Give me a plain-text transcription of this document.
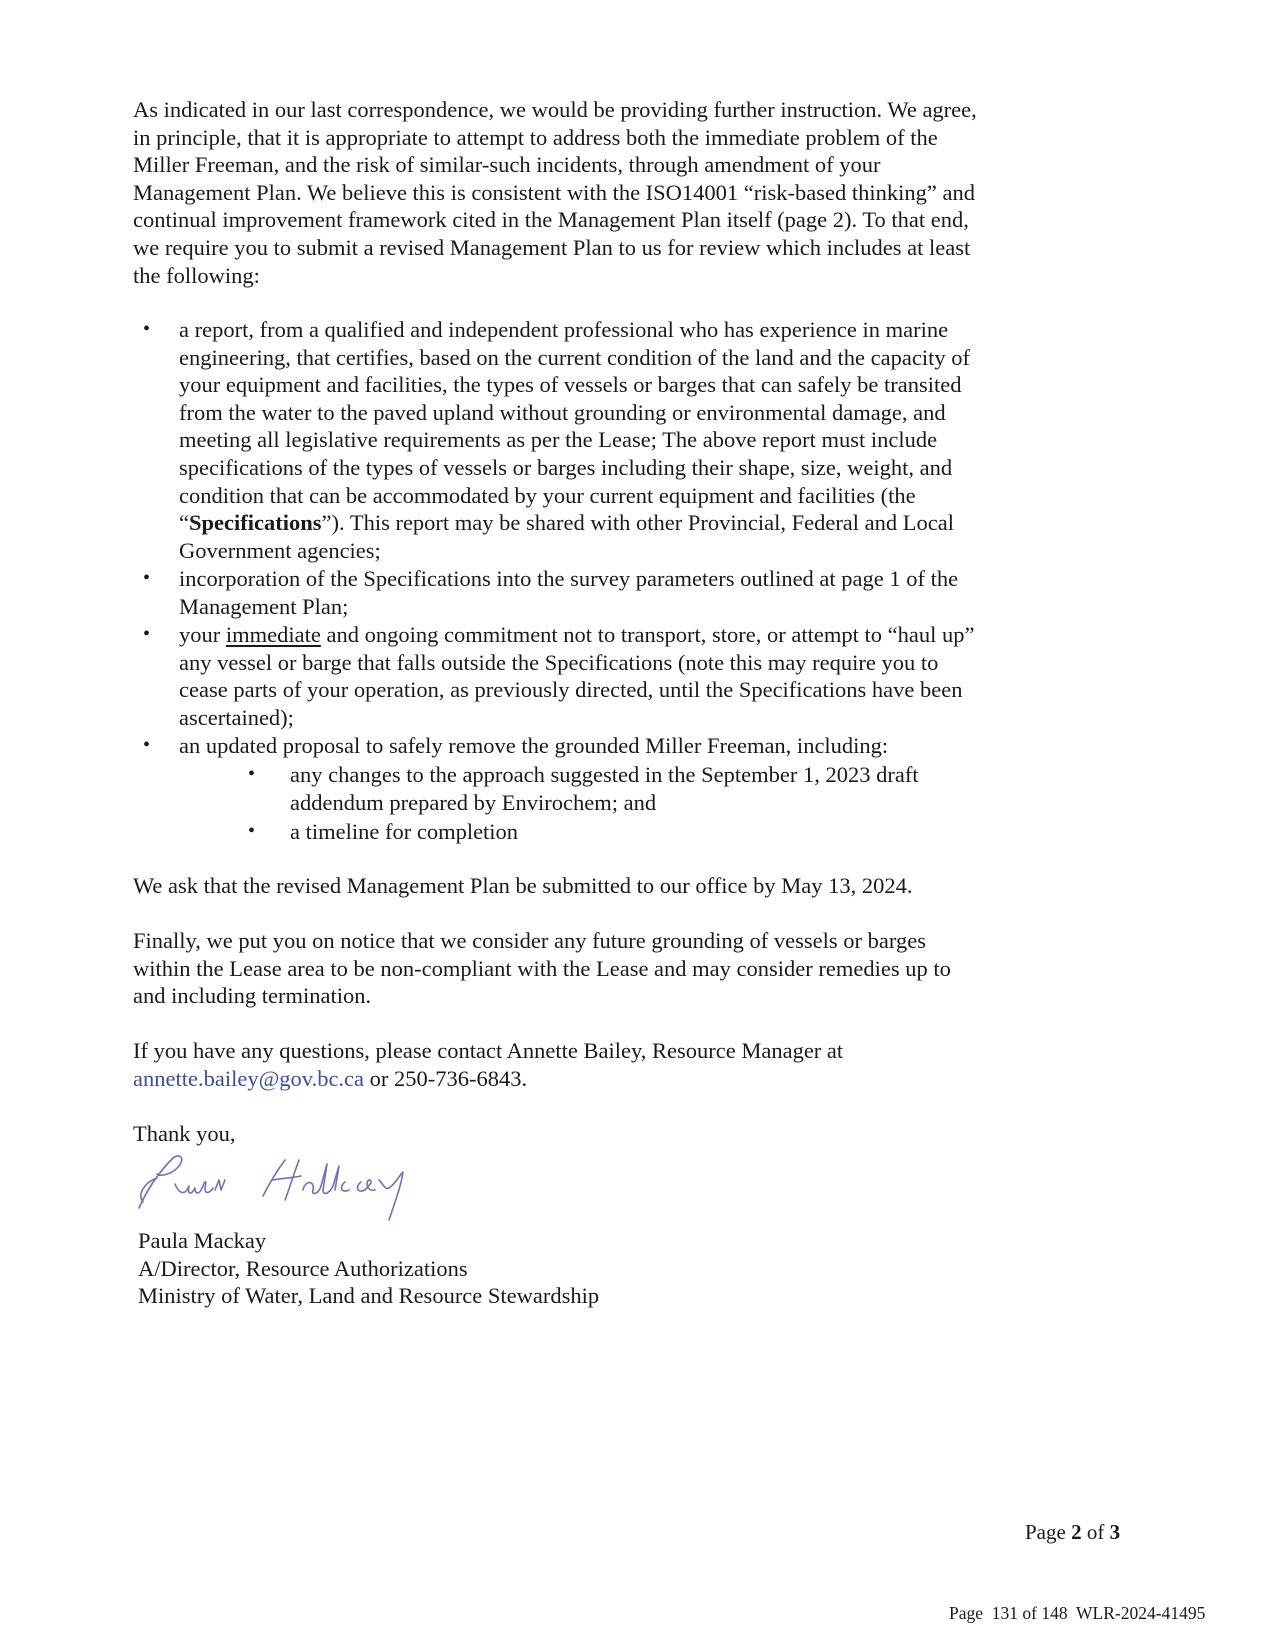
As indicated in our last correspondence, we would be providing further instruction. We agree,
in principle, that it is appropriate to attempt to address both the immediate problem of the
Miller Freeman, and the risk of similar-such incidents, through amendment of your
Management Plan. We believe this is consistent with the ISO14001 “risk-based thinking” and
continual improvement framework cited in the Management Plan itself (page 2). To that end,
we require you to submit a revised Management Plan to us for review which includes at least
the following:
• a report, from a qualified and independent professional who has experience in marine
engineering, that certifies, based on the current condition of the land and the capacity of
your equipment and facilities, the types of vessels or barges that can safely be transited
from the water to the paved upland without grounding or environmental damage, and
meeting all legislative requirements as per the Lease; The above report must include
specifications of the types of vessels or barges including their shape, size, weight, and
condition that can be accommodated by your current equipment and facilities (the
“Specifications”). This report may be shared with other Provincial, Federal and Local
Government agencies;
• incorporation of the Specifications into the survey parameters outlined at page 1 of the
Management Plan;
• your immediate and ongoing commitment not to transport, store, or attempt to “haul up”
any vessel or barge that falls outside the Specifications (note this may require you to
cease parts of your operation, as previously directed, until the Specifications have been
ascertained);
• an updated proposal to safely remove the grounded Miller Freeman, including:
• any changes to the approach suggested in the September 1, 2023 draft
addendum prepared by Envirochem; and
• a timeline for completion
We ask that the revised Management Plan be submitted to our office by May 13, 2024.
Finally, we put you on notice that we consider any future grounding of vessels or barges
within the Lease area to be non-compliant with the Lease and may consider remedies up to
and including termination.
If you have any questions, please contact Annette Bailey, Resource Manager at
annette.bailey@gov.bc.ca or 250-736-6843.
Thank you,
Paula Mackay
A/Director, Resource Authorizations
Ministry of Water, Land and Resource Stewardship
Page 2 of 3
Page  131 of 148  WLR-2024-41495
